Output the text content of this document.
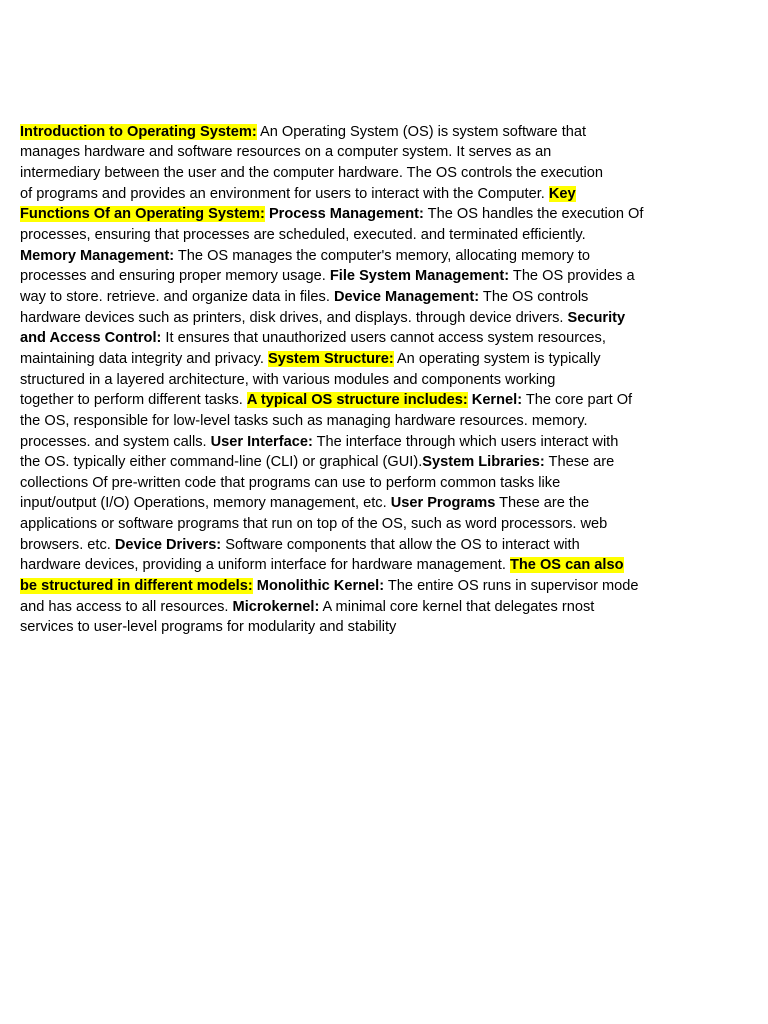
Introduction to Operating System: An Operating System (OS) is system software that
manages hardware and software resources on a computer system. It serves as an
intermediary between the user and the computer hardware. The OS controls the execution
of programs and provides an environment for users to interact with the Computer. Key
Functions Of an Operating System: Process Management: The OS handles the execution Of
processes, ensuring that processes are scheduled, executed. and terminated efficiently.
Memory Management: The OS manages the computer's memory, allocating memory to
processes and ensuring proper memory usage. File System Management: The OS provides a
way to store. retrieve. and organize data in files. Device Management: The OS controls
hardware devices such as printers, disk drives, and displays. through device drivers. Security
and Access Control: It ensures that unauthorized users cannot access system resources,
maintaining data integrity and privacy. System Structure: An operating system is typically
structured in a layered architecture, with various modules and components working
together to perform different tasks. A typical OS structure includes: Kernel: The core part Of
the OS, responsible for low-level tasks such as managing hardware resources. memory.
processes. and system calls. User Interface: The interface through which users interact with
the OS. typically either command-line (CLI) or graphical (GUI).System Libraries: These are
collections Of pre-written code that programs can use to perform common tasks like
input/output (I/O) Operations, memory management, etc. User Programs These are the
applications or software programs that run on top of the OS, such as word processors. web
browsers. etc. Device Drivers: Software components that allow the OS to interact with
hardware devices, providing a uniform interface for hardware management. The OS can also
be structured in different models: Monolithic Kernel: The entire OS runs in supervisor mode
and has access to all resources. Microkernel: A minimal core kernel that delegates rnost
services to user-level programs for modularity and stability
